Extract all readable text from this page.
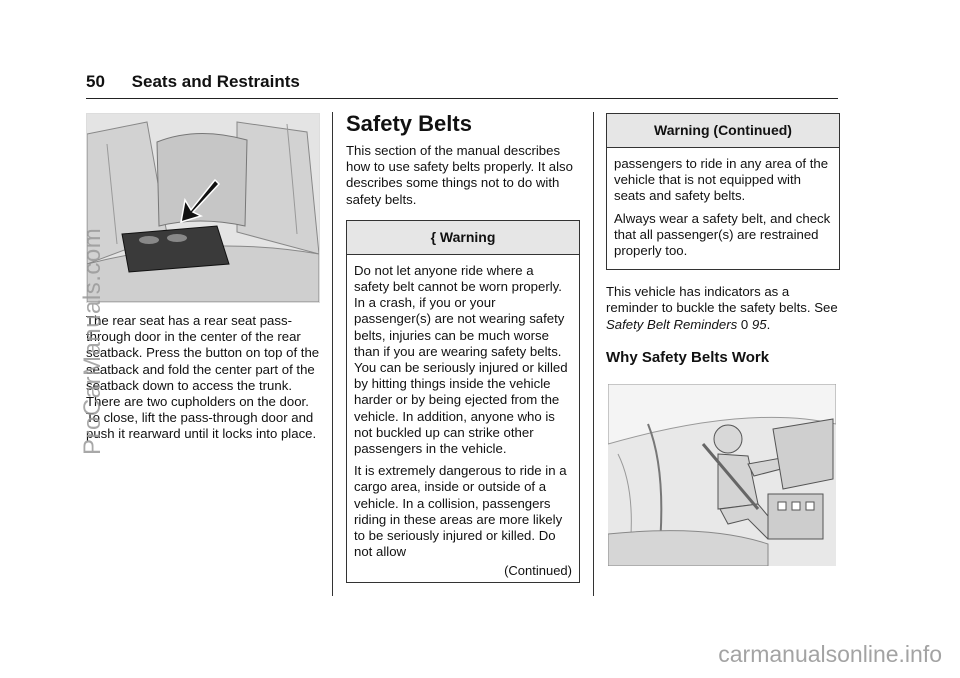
50 Seats and Restraints

The rear seat has a rear seat pass-through door in the center of the rear seatback. Press the button on top of the seatback and fold the center part of the seatback down to access the trunk. There are two cupholders on the door. To close, lift the pass-through door and push it rearward until it locks into place.

Safety Belts

This section of the manual describes how to use safety belts properly. It also describes some things not to do with safety belts.

{ Warning

Do not let anyone ride where a safety belt cannot be worn properly. In a crash, if you or your passenger(s) are not wearing safety belts, injuries can be much worse than if you are wearing safety belts. You can be seriously injured or killed by hitting things inside the vehicle harder or by being ejected from the vehicle. In addition, anyone who is not buckled up can strike other passengers in the vehicle.

It is extremely dangerous to ride in a cargo area, inside or outside of a vehicle. In a collision, passengers riding in these areas are more likely to be seriously injured or killed. Do not allow

(Continued)
Warning (Continued)

passengers to ride in any area of the vehicle that is not equipped with seats and safety belts.

Always wear a safety belt, and check that all passenger(s) are restrained properly too.

This vehicle has indicators as a reminder to buckle the safety belts. See Safety Belt Reminders 0 95.

Why Safety Belts Work
ProCarManuals.com
carmanualsonline.info
